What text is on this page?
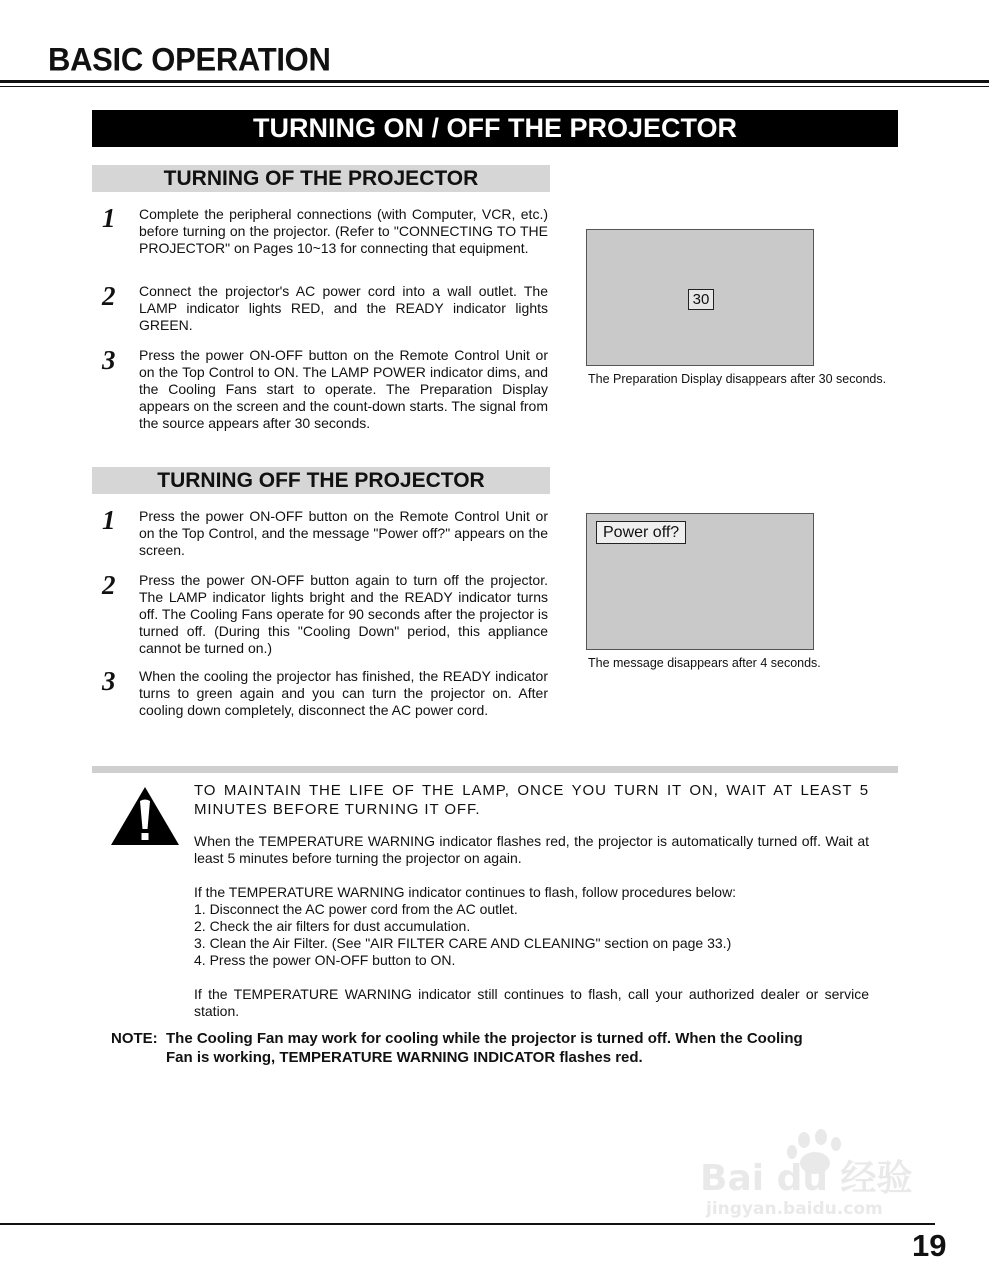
BASIC OPERATION
TURNING ON / OFF THE PROJECTOR
TURNING OF THE PROJECTOR
1 Complete the peripheral connections (with Computer, VCR, etc.) before turning on the projector. (Refer to "CONNECTING TO THE PROJECTOR" on Pages 10~13 for connecting that equipment.
2 Connect the projector's AC power cord into a wall outlet. The LAMP indicator lights RED, and the READY indicator lights GREEN.
3 Press the power ON-OFF button on the Remote Control Unit or on the Top Control to ON. The LAMP POWER indicator dims, and the Cooling Fans start to operate. The Preparation Display appears on the screen and the count-down starts. The signal from the source appears after 30 seconds.
30
The Preparation Display disappears after 30 seconds.
TURNING OFF THE PROJECTOR
1 Press the power ON-OFF button on the Remote Control Unit or on the Top Control, and the message "Power off?" appears on the screen.
2 Press the power ON-OFF button again to turn off the projector. The LAMP indicator lights bright and the READY indicator turns off. The Cooling Fans operate for 90 seconds after the projector is turned off. (During this "Cooling Down" period, this appliance cannot be turned on.)
3 When the cooling the projector has finished, the READY indicator turns to green again and you can turn the projector on. After cooling down completely, disconnect the AC power cord.
Power off?
The message disappears after 4 seconds.
TO MAINTAIN THE LIFE OF THE LAMP, ONCE YOU TURN IT ON, WAIT AT LEAST 5 MINUTES BEFORE TURNING IT OFF.
When the TEMPERATURE WARNING indicator flashes red, the projector is automatically turned off. Wait at least 5 minutes before turning the projector on again.
If the TEMPERATURE WARNING indicator continues to flash, follow procedures below:
1. Disconnect the AC power cord from the AC outlet.
2. Check the air filters for dust accumulation.
3. Clean the Air Filter. (See "AIR FILTER CARE AND CLEANING" section on page 33.)
4. Press the power ON-OFF button to ON.
If the TEMPERATURE WARNING indicator still continues to flash, call your authorized dealer or service station.
NOTE: The Cooling Fan may work for cooling while the projector is turned off. When the Cooling
Fan is working, TEMPERATURE WARNING INDICATOR flashes red.
Bai du 经验
jingyan.baidu.com
19
